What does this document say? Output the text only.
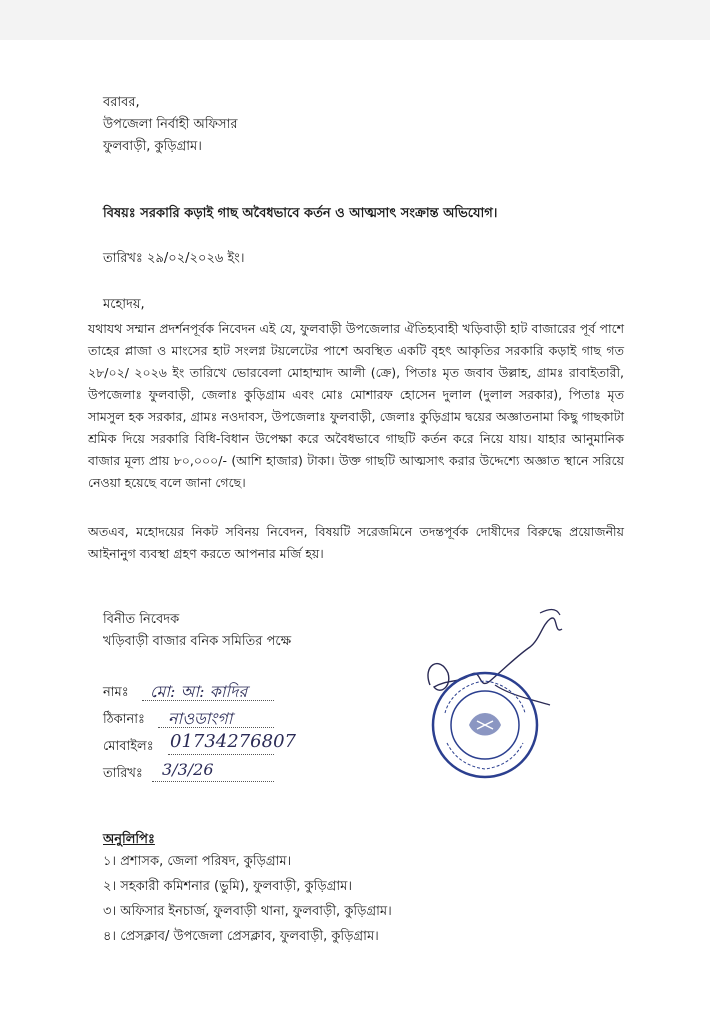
বরাবর,
উপজেলা নির্বাহী অফিসার
ফুলবাড়ী, কুড়িগ্রাম।
বিষয়ঃ সরকারি কড়াই গাছ অবৈধভাবে কর্তন ও আত্মসাৎ সংক্রান্ত অভিযোগ।
তারিখঃ ২৯/০২/২০২৬ ইং।
মহোদয়,
যথাযথ সম্মান প্রদর্শনপূর্বক নিবেদন এই যে, ফুলবাড়ী উপজেলার ঐতিহ্যবাহী খড়িবাড়ী হাট বাজারের পূর্ব পাশে তাহের প্লাজা ও মাংসের হাট সংলগ্ন টয়লেটের পাশে অবস্থিত একটি বৃহৎ আকৃতির সরকারি কড়াই গাছ গত ২৮/০২/ ২০২৬ ইং তারিখে ভোরবেলা মোহাম্মাদ আলী (ক্রে), পিতাঃ মৃত জবাব উল্লাহ, গ্রামঃ রাবাইতারী, উপজেলাঃ ফুলবাড়ী, জেলাঃ কুড়িগ্রাম এবং মোঃ মোশারফ হোসেন দুলাল (দুলাল সরকার), পিতাঃ মৃত সামসুল হক সরকার, গ্রামঃ নওদাবস, উপজেলাঃ ফুলবাড়ী, জেলাঃ কুড়িগ্রাম দ্বয়ের অজ্ঞাতনামা কিছু গাছকাটা শ্রমিক দিয়ে সরকারি বিধি-বিধান উপেক্ষা করে অবৈধভাবে গাছটি কর্তন করে নিয়ে যায়। যাহার আনুমানিক বাজার মূল্য প্রায় ৮০,০০০/- (আশি হাজার) টাকা। উক্ত গাছটি আত্মসাৎ করার উদ্দেশ্যে অজ্ঞাত স্থানে সরিয়ে নেওয়া হয়েছে বলে জানা গেছে।
অতএব, মহোদয়ের নিকট সবিনয় নিবেদন, বিষয়টি সরেজমিনে তদন্তপূর্বক দোষীদের বিরুদ্ধে প্রয়োজনীয় আইনানুগ ব্যবস্থা গ্রহণ করতে আপনার মর্জি হয়।
বিনীত নিবেদক
খড়িবাড়ী বাজার বনিক সমিতির পক্ষে
নামঃ মো: আ: কাদির
ঠিকানাঃ নাওডাংগা
মোবাইলঃ 01734276807
তারিখঃ 3/3/26
অনুলিপিঃ
১। প্রশাসক, জেলা পরিষদ, কুড়িগ্রাম।
২। সহকারী কমিশনার (ভুমি), ফুলবাড়ী, কুড়িগ্রাম।
৩। অফিসার ইনচার্জ, ফুলবাড়ী থানা, ফুলবাড়ী, কুড়িগ্রাম।
৪। প্রেসক্লাব/ উপজেলা প্রেসক্লাব, ফুলবাড়ী, কুড়িগ্রাম।
